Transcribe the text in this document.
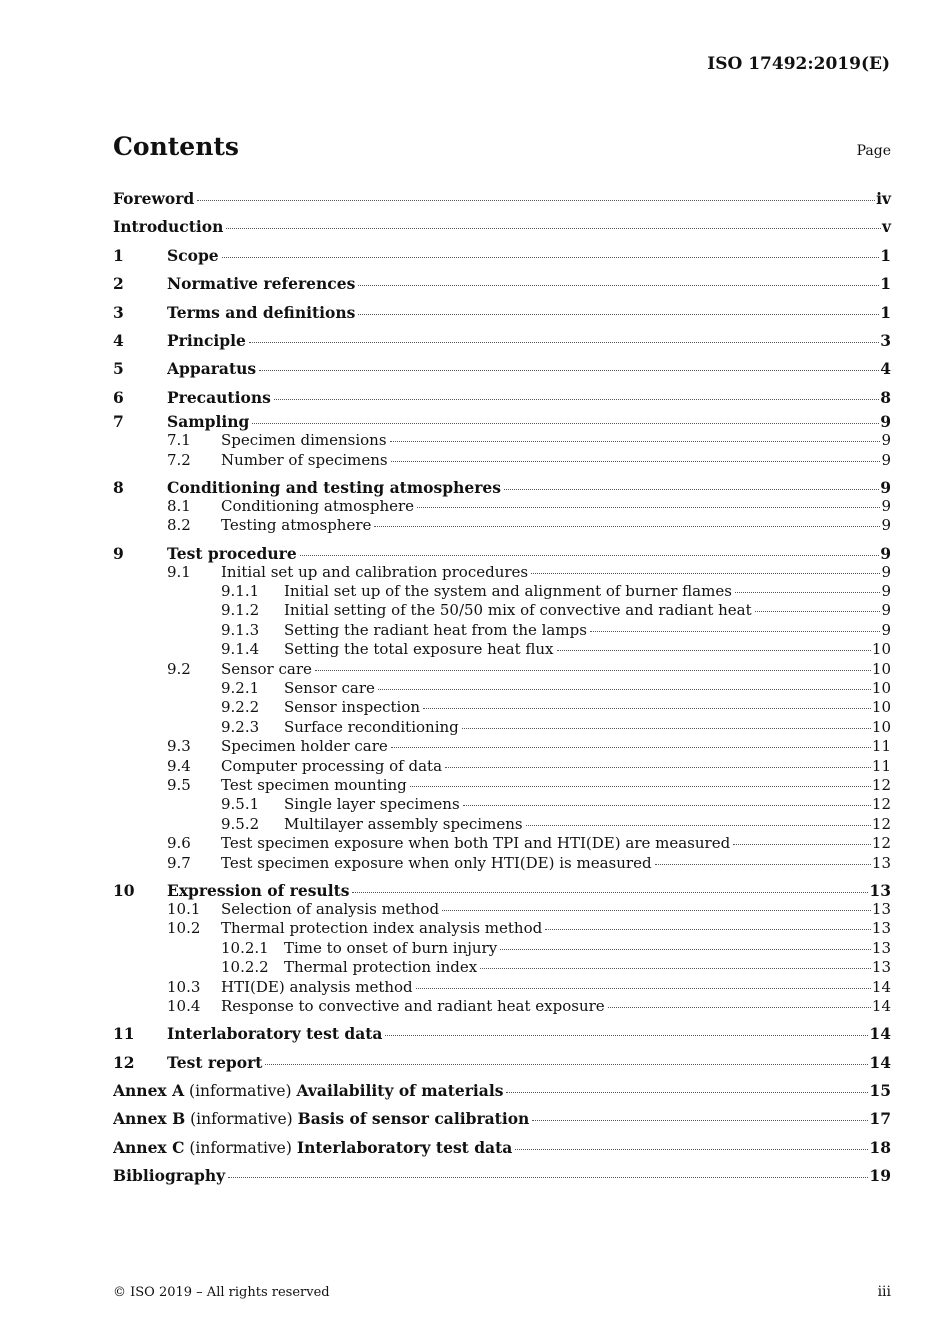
ISO 17492:2019(E)
Contents	Page
Foreword	iv
Introduction	v
1	Scope	1
2	Normative references	1
3	Terms and definitions	1
4	Principle	3
5	Apparatus	4
6	Precautions	8
7	Sampling	9
7.1	Specimen dimensions	9
7.2	Number of specimens	9
8	Conditioning and testing atmospheres	9
8.1	Conditioning atmosphere	9
8.2	Testing atmosphere	9
9	Test procedure	9
9.1	Initial set up and calibration procedures	9
9.1.1	Initial set up of the system and alignment of burner flames	9
9.1.2	Initial setting of the 50/50 mix of convective and radiant heat	9
9.1.3	Setting the radiant heat from the lamps	9
9.1.4	Setting the total exposure heat flux	10
9.2	Sensor care	10
9.2.1	Sensor care	10
9.2.2	Sensor inspection	10
9.2.3	Surface reconditioning	10
9.3	Specimen holder care	11
9.4	Computer processing of data	11
9.5	Test specimen mounting	12
9.5.1	Single layer specimens	12
9.5.2	Multilayer assembly specimens	12
9.6	Test specimen exposure when both TPI and HTI(DE) are measured	12
9.7	Test specimen exposure when only HTI(DE) is measured	13
10	Expression of results	13
10.1	Selection of analysis method	13
10.2	Thermal protection index analysis method	13
10.2.1	Time to onset of burn injury	13
10.2.2	Thermal protection index	13
10.3	HTI(DE) analysis method	14
10.4	Response to convective and radiant heat exposure	14
11	Interlaboratory test data	14
12	Test report	14
Annex A (informative) Availability of materials	15
Annex B (informative) Basis of sensor calibration	17
Annex C (informative) Interlaboratory test data	18
Bibliography	19
© ISO 2019 – All rights reserved	iii
